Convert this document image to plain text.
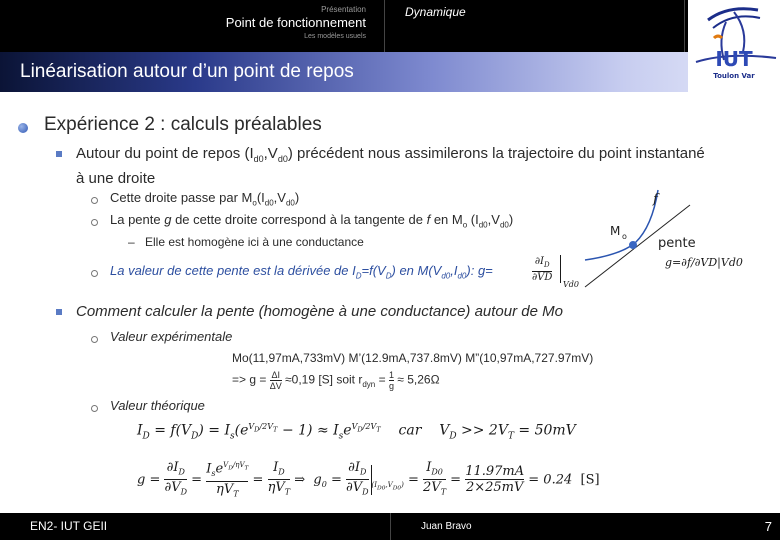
Présentation
Point de fonctionnement
Les modèles usuels
Dynamique
Linéarisation autour d’un point de repos
IUT
Toulon Var
Expérience 2 : calculs préalables
Autour du point de repos $(I_{d0},V_{d0})$ précédent nous assimilerons la trajectoire du point instantané à une droite
Cette droite passe par $M_o(I_{d0},V_{d0})$
La pente g de cette droite correspond à la tangente de f en $M_o$ $(I_{d0},V_{d0})$
– Elle est homogène ici à une conductance
La valeur de cette pente est la dérivée de $I_D=f(V_D)$ en $M(V_{d0},I_{d0})$: g=
$\partial I_D$
∂VD
Vd0
f
M o pente
g=∂f/∂VD|Vd0
Comment calculer la pente (homogène à une conductance) autour de Mo
Valeur expérimentale
Mo(11,97mA,733mV) M’(12.9mA,737.8mV) M”(10,97mA,727.97mV)
=> $g = \frac{\Delta I}{\Delta V} \approx 0,19$ [S] soit $r_{dyn} = \frac{1}{g} \approx 5,26\Omega$
Valeur théorique
$I_D = f(V_D) = I_s(e^{V_D/2V_T} - 1) \approx I_se^{V_D/2V_T}$    car    $V_D >> 2V_T = 50mV$
$g = \frac{\partial I_D}{\partial V_D}$ =
$I_se^{V_D/\eta V_T}$
$\eta V_T$
=
$I_D$
$\eta V_T$
⇒  $g_0 = \frac{\partial I_D}{\partial V_D} _{(I_{D0},V_{D0})} = \frac{I_{D0}}{2V_T} = \frac{11.97mA}{2\times 25mV} = 0.24$  [S]
EN2- IUT GEII	Juan Bravo	7
